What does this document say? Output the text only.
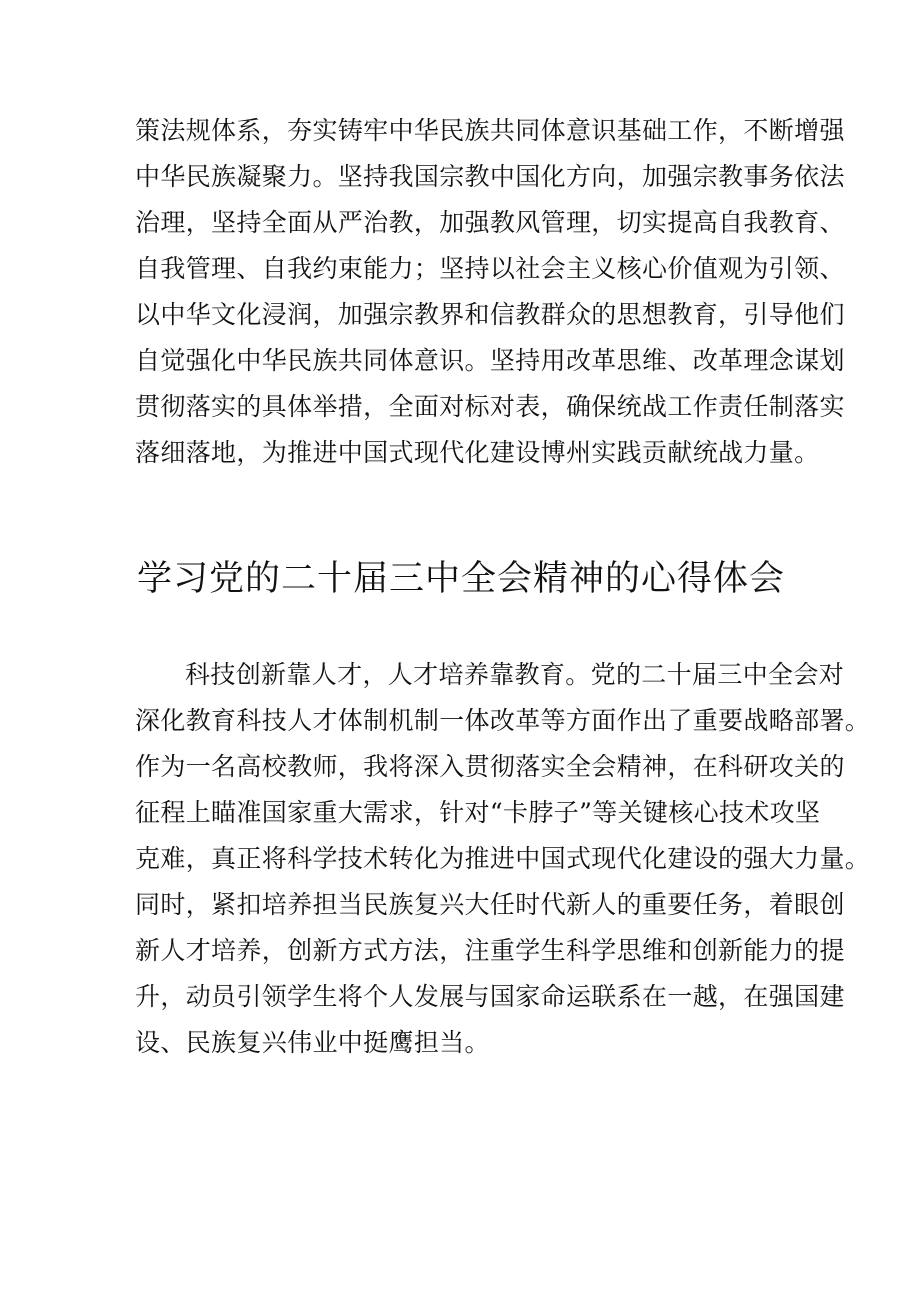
策法规体系，夯实铸牢中华民族共同体意识基础工作，不断增强
中华民族凝聚力。坚持我国宗教中国化方向，加强宗教事务依法
治理，坚持全面从严治教，加强教风管理，切实提高自我教育、
自我管理、自我约束能力；坚持以社会主义核心价值观为引领、
以中华文化浸润，加强宗教界和信教群众的思想教育，引导他们
自觉强化中华民族共同体意识。坚持用改革思维、改革理念谋划
贯彻落实的具体举措，全面对标对表，确保统战工作责任制落实
落细落地，为推进中国式现代化建设博州实践贡献统战力量。
学习党的二十届三中全会精神的心得体会
科技创新靠人才，人才培养靠教育。党的二十届三中全会对
深化教育科技人才体制机制一体改革等方面作出了重要战略部署。
作为一名高校教师，我将深入贯彻落实全会精神，在科研攻关的
征程上瞄准国家重大需求，针对“卡脖子”等关键核心技术攻坚
克难，真正将科学技术转化为推进中国式现代化建设的强大力量。
同时，紧扣培养担当民族复兴大任时代新人的重要任务，着眼创
新人才培养，创新方式方法，注重学生科学思维和创新能力的提
升，动员引领学生将个人发展与国家命运联系在一越，在强国建
设、民族复兴伟业中挺鹰担当。
